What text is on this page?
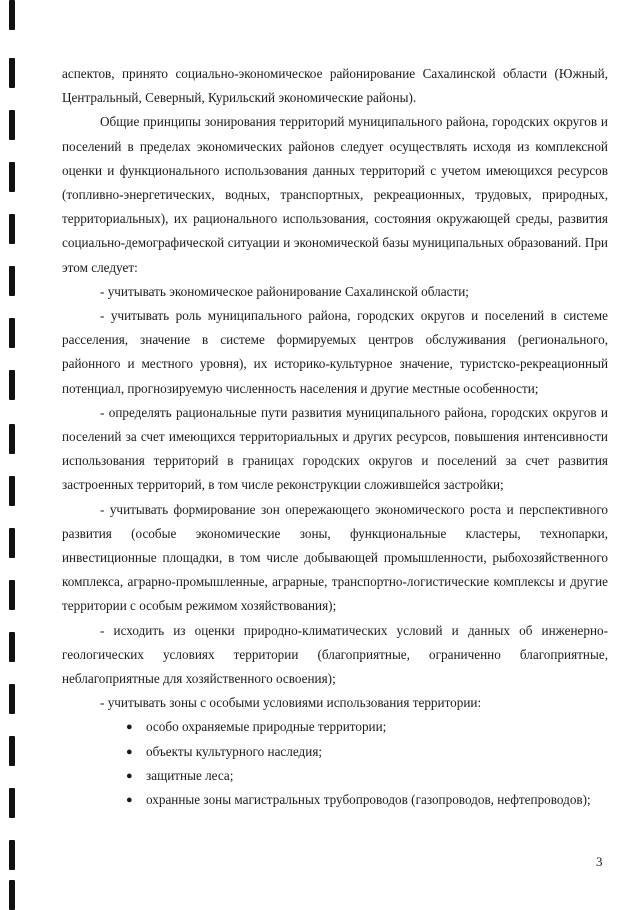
аспектов, принято социально-экономическое районирование Сахалинской области (Южный, Центральный, Северный, Курильский экономические районы).

Общие принципы зонирования территорий муниципального района, городских округов и поселений в пределах экономических районов следует осуществлять исходя из комплексной оценки и функционального использования данных территорий с учетом имеющихся ресурсов (топливно-энергетических, водных, транспортных, рекреационных, трудовых, природных, территориальных), их рационального использования, состояния окружающей среды, развития социально-демографической ситуации и экономической базы муниципальных образований. При этом следует:

- учитывать экономическое районирование Сахалинской области;

- учитывать роль муниципального района, городских округов и поселений в системе расселения, значение в системе формируемых центров обслуживания (регионального, районного и местного уровня), их историко-культурное значение, туристско-рекреационный потенциал, прогнозируемую численность населения и другие местные особенности;

- определять рациональные пути развития муниципального района, городских округов и поселений за счет имеющихся территориальных и других ресурсов, повышения интенсивности использования территорий в границах городских округов и поселений за счет развития застроенных территорий, в том числе реконструкции сложившейся застройки;

- учитывать формирование зон опережающего экономического роста и перспективного развития (особые экономические зоны, функциональные кластеры, технопарки, инвестиционные площадки, в том числе добывающей промышленности, рыбохозяйственного комплекса, аграрно-промышленные, аграрные, транспортно-логистические комплексы и другие территории с особым режимом хозяйствования);

- исходить из оценки природно-климатических условий и данных об инженерно-геологических условиях территории (благоприятные, ограниченно благоприятные, неблагоприятные для хозяйственного освоения);

- учитывать зоны с особыми условиями использования территории:

● особо охраняемые природные территории;
● объекты культурного наследия;
● защитные леса;
● охранные зоны магистральных трубопроводов (газопроводов, нефтепроводов);
3
